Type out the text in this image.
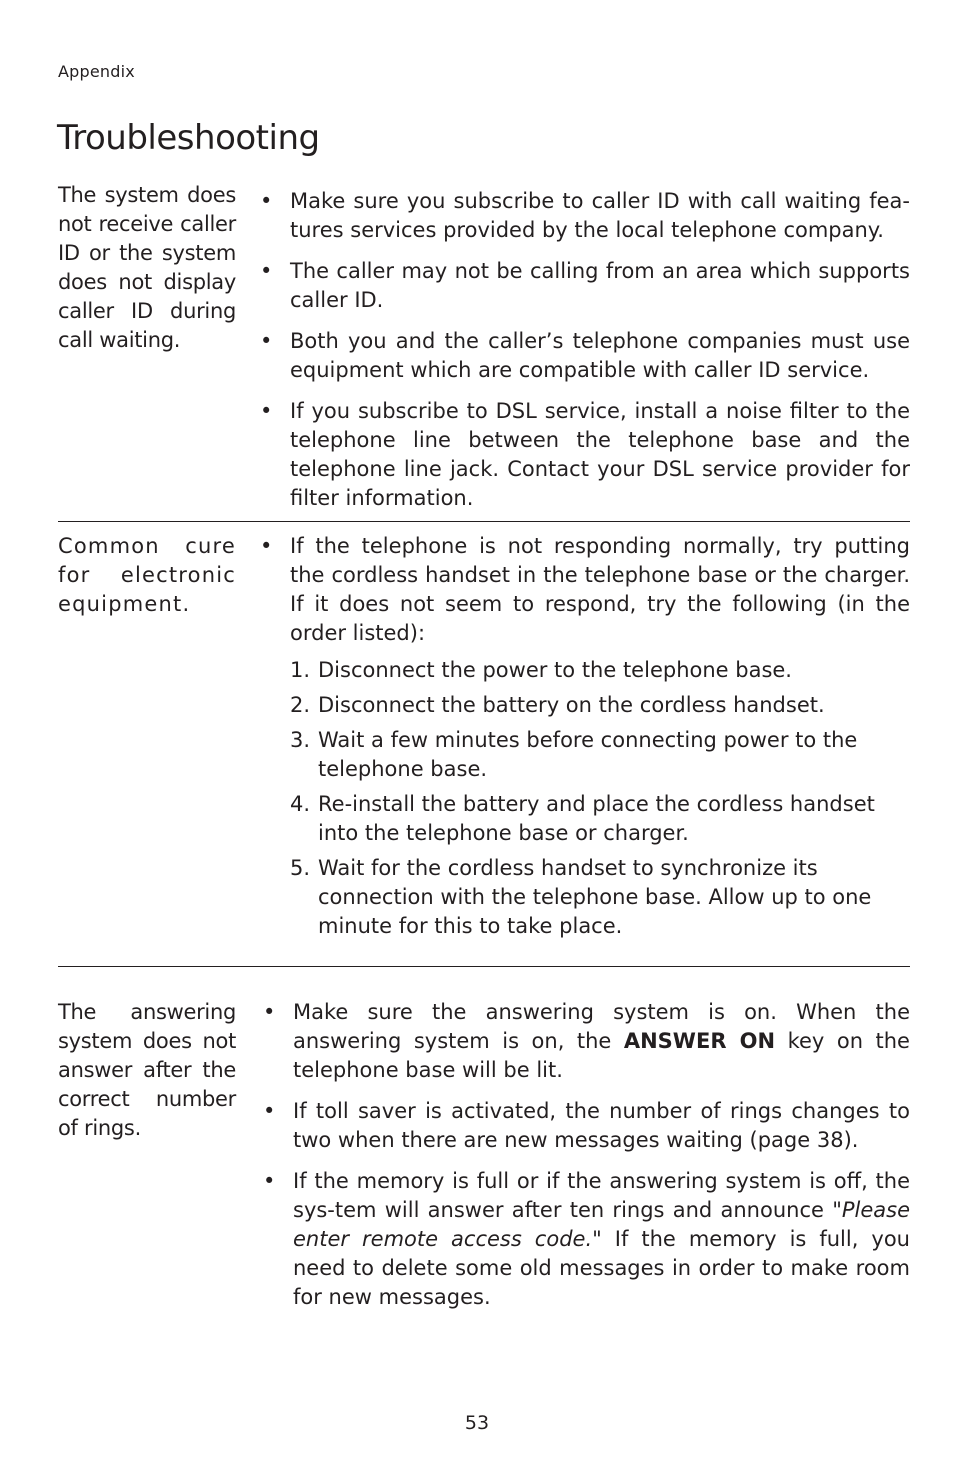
Appendix
Troubleshooting
The system does not receive caller ID or the system does not display caller ID during call waiting.
• Make sure you subscribe to caller ID with call waiting fea-tures services provided by the local telephone company.
• The caller may not be calling from an area which supports caller ID.
• Both you and the caller’s telephone companies must use equipment which are compatible with caller ID service.
• If you subscribe to DSL service, install a noise filter to the telephone line between the telephone base and the telephone line jack. Contact your DSL service provider for filter information.
Common cure for electronic equipment.
• If the telephone is not responding normally, try putting the cordless handset in the telephone base or the charger. If it does not seem to respond, try the following (in the order listed):
1. Disconnect the power to the telephone base.
2. Disconnect the battery on the cordless handset.
3. Wait a few minutes before connecting power to the telephone base.
4. Re-install the battery and place the cordless handset into the telephone base or charger.
5. Wait for the cordless handset to synchronize its connection with the telephone base. Allow up to one minute for this to take place.
The answering system does not answer after the correct number of rings.
• Make sure the answering system is on. When the answering system is on, the ANSWER ON key on the telephone base will be lit.
• If toll saver is activated, the number of rings changes to two when there are new messages waiting (page 38).
• If the memory is full or if the answering system is off, the sys-tem will answer after ten rings and announce "Please enter remote access code." If the memory is full, you need to delete some old messages in order to make room for new messages.
53
